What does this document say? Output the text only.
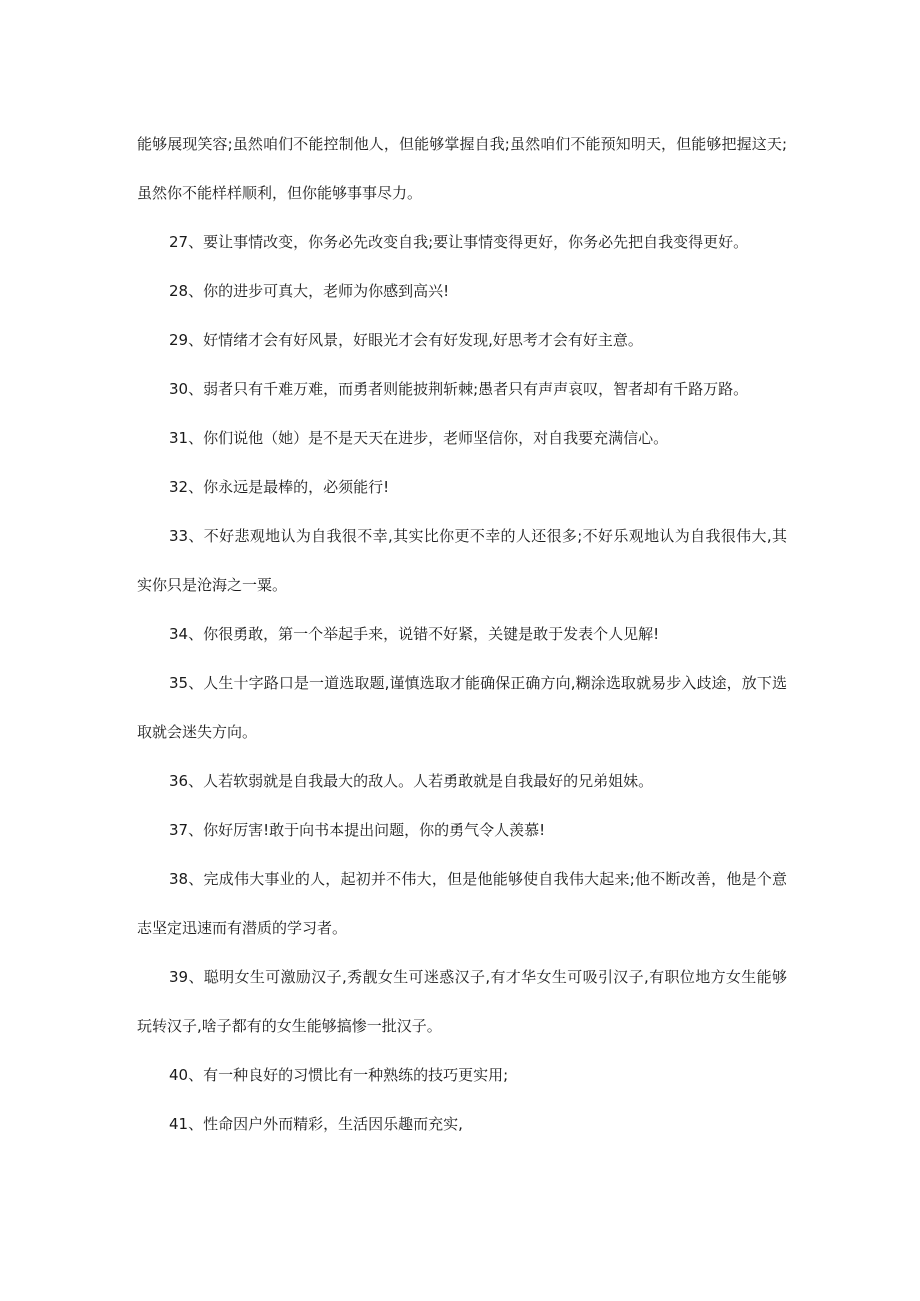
能够展现笑容;虽然咱们不能控制他人，但能够掌握自我;虽然咱们不能预知明天，但能够把握这天;虽然你不能样样顺利，但你能够事事尽力。

27、要让事情改变，你务必先改变自我;要让事情变得更好，你务必先把自我变得更好。

28、你的进步可真大，老师为你感到高兴!

29、好情绪才会有好风景，好眼光才会有好发现,好思考才会有好主意。

30、弱者只有千难万难，而勇者则能披荆斩棘;愚者只有声声哀叹，智者却有千路万路。

31、你们说他（她）是不是天天在进步，老师坚信你，对自我要充满信心。

32、你永远是最棒的，必须能行!

33、不好悲观地认为自我很不幸,其实比你更不幸的人还很多;不好乐观地认为自我很伟大,其实你只是沧海之一粟。

34、你很勇敢，第一个举起手来，说错不好紧，关键是敢于发表个人见解!

35、人生十字路口是一道选取题,谨慎选取才能确保正确方向,糊涂选取就易步入歧途，放下选取就会迷失方向。

36、人若软弱就是自我最大的敌人。人若勇敢就是自我最好的兄弟姐妹。

37、你好厉害!敢于向书本提出问题，你的勇气令人羡慕!

38、完成伟大事业的人，起初并不伟大，但是他能够使自我伟大起来;他不断改善，他是个意志坚定迅速而有潜质的学习者。

39、聪明女生可激励汉子,秀靓女生可迷惑汉子,有才华女生可吸引汉子,有职位地方女生能够玩转汉子,啥子都有的女生能够搞惨一批汉子。

40、有一种良好的习惯比有一种熟练的技巧更实用;

41、性命因户外而精彩，生活因乐趣而充实,
